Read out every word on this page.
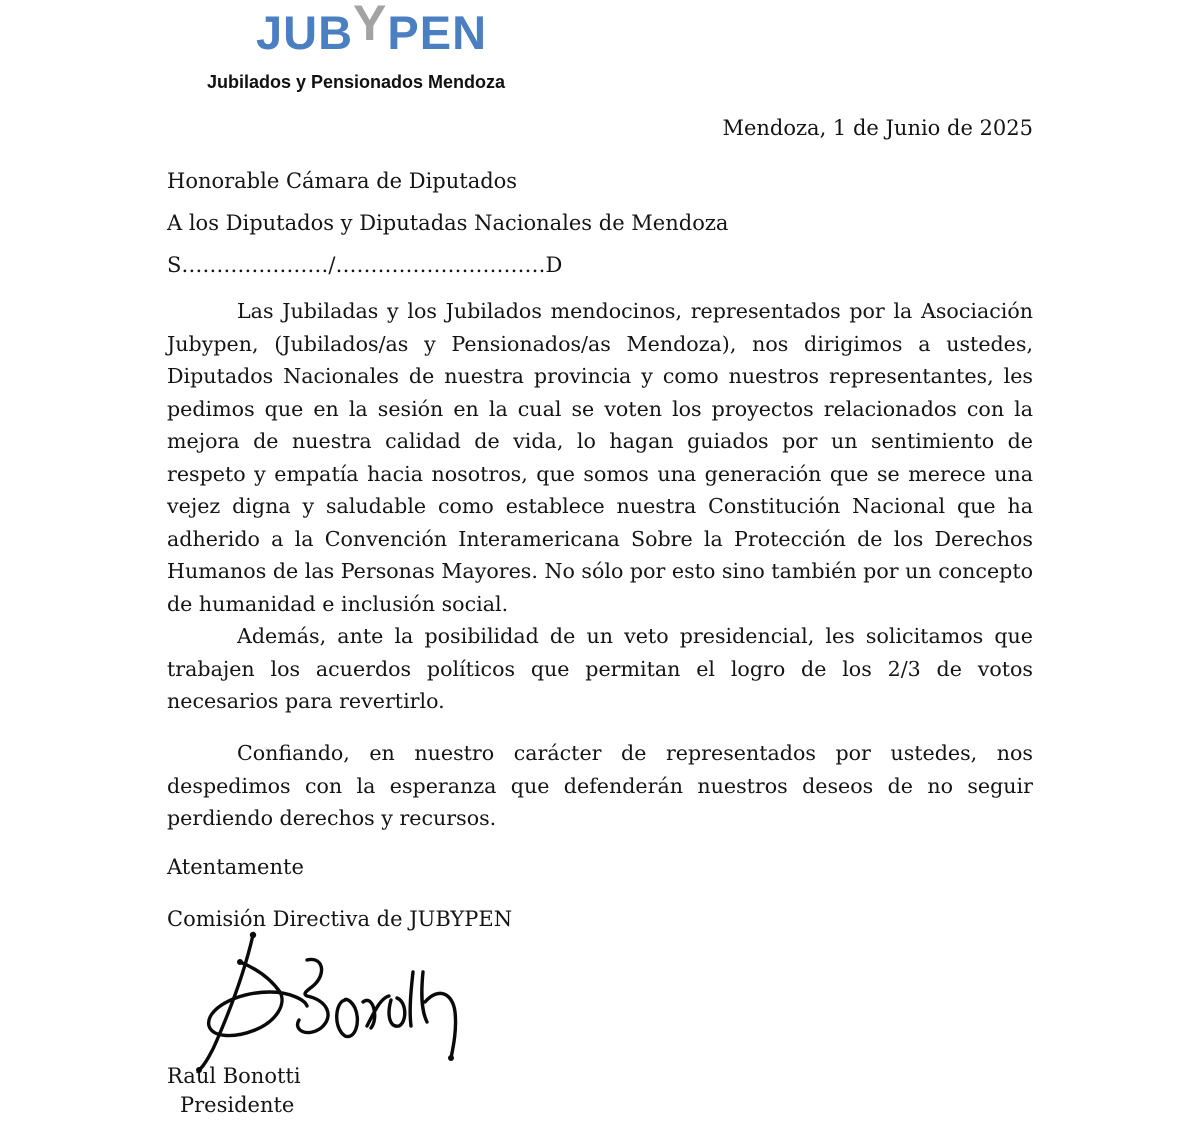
JUBYPEN
Jubilados y Pensionados Mendoza
Mendoza, 1 de Junio de 2025
Honorable Cámara de Diputados
A los Diputados y Diputadas Nacionales de Mendoza
S…………………/…………………………D

Las Jubiladas y los Jubilados mendocinos, representados por la Asociación Jubypen, (Jubilados/as y Pensionados/as Mendoza), nos dirigimos a ustedes, Diputados Nacionales de nuestra provincia y como nuestros representantes, les pedimos que en la sesión en la cual se voten los proyectos relacionados con la mejora de nuestra calidad de vida, lo hagan guiados por un sentimiento de respeto y empatía hacia nosotros, que somos una generación que se merece una vejez digna y saludable como establece nuestra Constitución Nacional que ha adherido a la Convención Interamericana Sobre la Protección de los Derechos Humanos de las Personas Mayores. No sólo por esto sino también por un concepto de humanidad e inclusión social.

Además, ante la posibilidad de un veto presidencial, les solicitamos que trabajen los acuerdos políticos que permitan el logro de los 2/3 de votos necesarios para revertirlo.

Confiando, en nuestro carácter de representados por ustedes, nos despedimos con la esperanza que defenderán nuestros deseos de no seguir perdiendo derechos y recursos.

Atentamente
Comisión Directiva de JUBYPEN
Raúl Bonotti
Presidente
